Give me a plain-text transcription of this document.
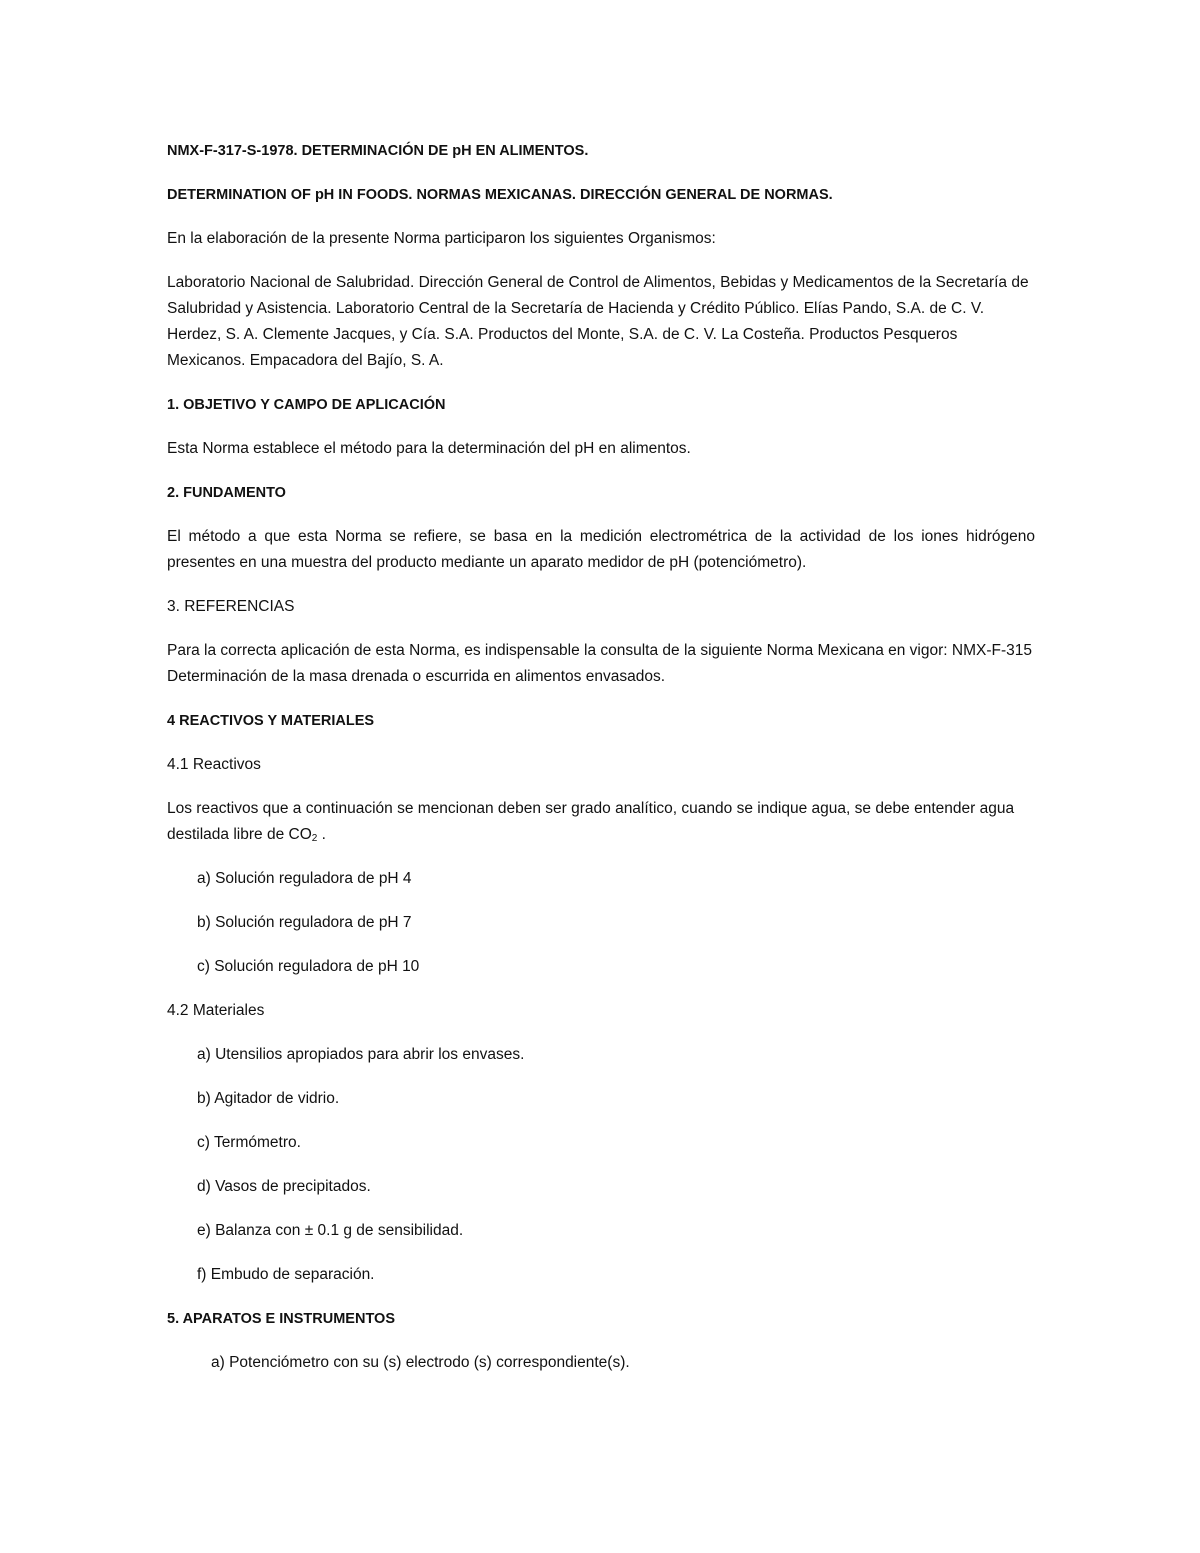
NMX-F-317-S-1978. DETERMINACIÓN DE pH EN ALIMENTOS.

DETERMINATION OF pH IN FOODS. NORMAS MEXICANAS. DIRECCIÓN GENERAL DE NORMAS.

En la elaboración de la presente Norma participaron los siguientes Organismos:

Laboratorio Nacional de Salubridad. Dirección General de Control de Alimentos, Bebidas y Medicamentos de la Secretaría de Salubridad y Asistencia. Laboratorio Central de la Secretaría de Hacienda y Crédito Público. Elías Pando, S.A. de C. V. Herdez, S. A. Clemente Jacques, y Cía. S.A. Productos del Monte, S.A. de C. V. La Costeña. Productos Pesqueros Mexicanos. Empacadora del Bajío, S. A.

1. OBJETIVO Y CAMPO DE APLICACIÓN

Esta Norma establece el método para la determinación del pH en alimentos.

2. FUNDAMENTO

El método a que esta Norma se refiere, se basa en la medición electrométrica de la actividad de los iones hidrógeno presentes en una muestra del producto mediante un aparato medidor de pH (potenciómetro).

3. REFERENCIAS

Para la correcta aplicación de esta Norma, es indispensable la consulta de la siguiente Norma Mexicana en vigor: NMX-F-315 Determinación de la masa drenada o escurrida en alimentos envasados.

4 REACTIVOS Y MATERIALES

4.1 Reactivos

Los reactivos que a continuación se mencionan deben ser grado analítico, cuando se indique agua, se debe entender agua destilada libre de CO2 .

a) Solución reguladora de pH 4

b) Solución reguladora de pH 7

c) Solución reguladora de pH 10

4.2 Materiales

a) Utensilios apropiados para abrir los envases.

b) Agitador de vidrio.

c) Termómetro.

d) Vasos de precipitados.

e) Balanza con ± 0.1 g de sensibilidad.

f) Embudo de separación.

5. APARATOS E INSTRUMENTOS

a) Potenciómetro con su (s) electrodo (s) correspondiente(s).
